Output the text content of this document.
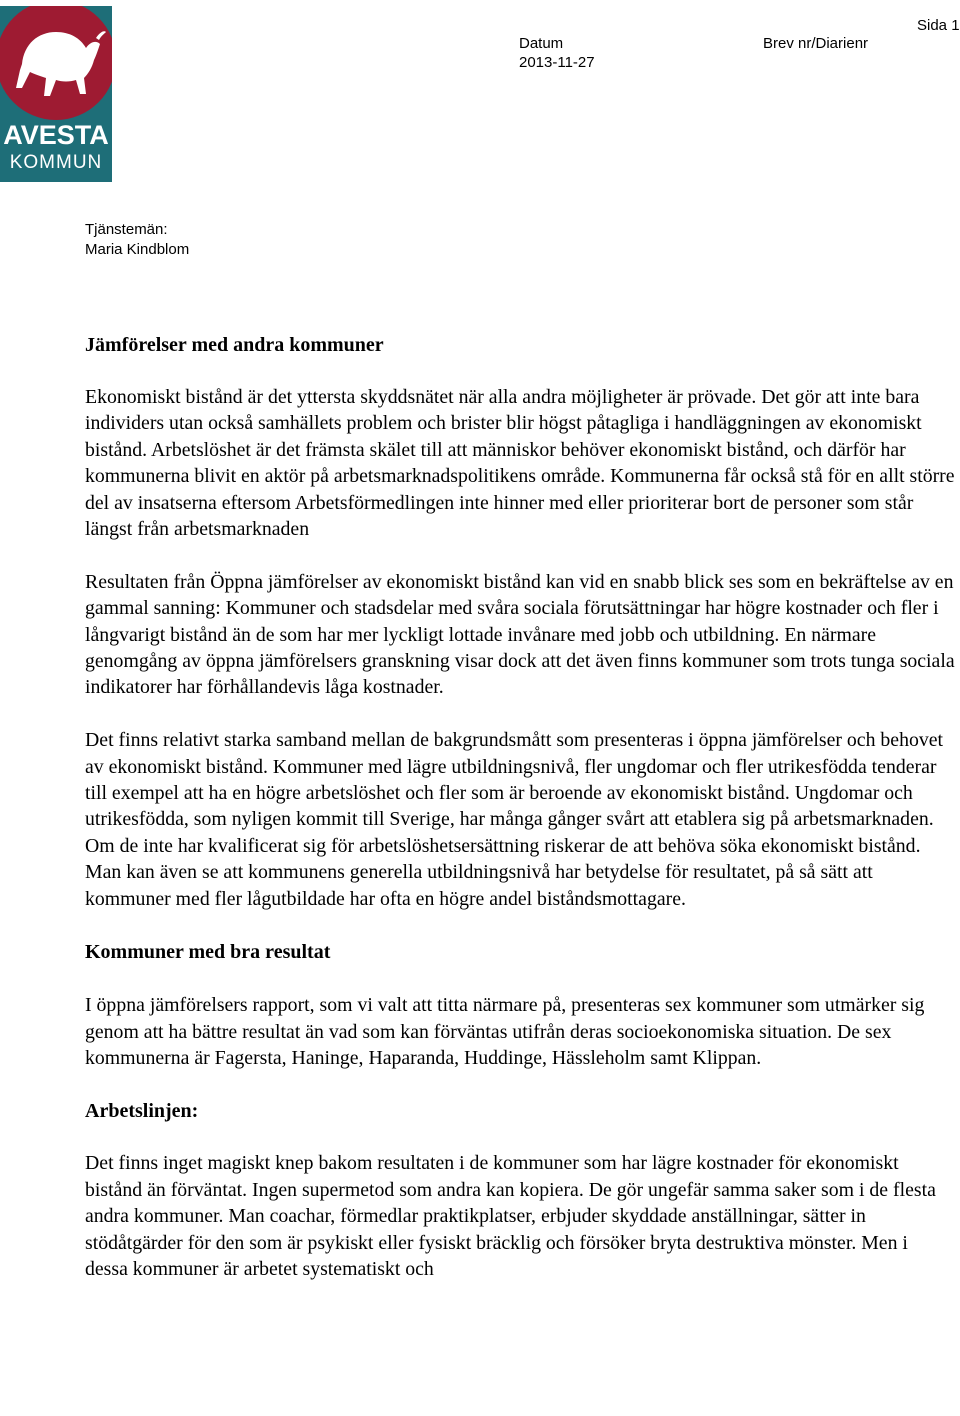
AVESTA
KOMMUN
Sida 1
Datum
2013-11-27
Brev nr/Diarienr
Tjänstemän:
Maria Kindblom
Jämförelser med andra kommuner

Ekonomiskt bistånd är det yttersta skyddsnätet när alla andra möjligheter är prövade. Det gör att inte bara individers utan också samhällets problem och brister blir högst påtagliga i handläggningen av ekonomiskt bistånd. Arbetslöshet är det främsta skälet till att människor behöver ekonomiskt bistånd, och därför har kommunerna blivit en aktör på arbetsmarknadspolitikens område. Kommunerna får också stå för en allt större del av insatserna eftersom Arbetsförmedlingen inte hinner med eller prioriterar bort de personer som står längst från arbetsmarknaden

Resultaten från Öppna jämförelser av ekonomiskt bistånd kan vid en snabb blick ses som en bekräftelse av en gammal sanning: Kommuner och stadsdelar med svåra sociala förutsättningar har högre kostnader och fler i långvarigt bistånd än de som har mer lyckligt lottade invånare med jobb och utbildning. En närmare genomgång av öppna jämförelsers granskning visar dock att det även finns kommuner som trots tunga sociala indikatorer har förhållandevis låga kostnader.

Det finns relativt starka samband mellan de bakgrundsmått som presenteras i öppna jämförelser och behovet av ekonomiskt bistånd. Kommuner med lägre utbildningsnivå, fler ungdomar och fler utrikesfödda tenderar till exempel att ha en högre arbetslöshet och fler som är beroende av ekonomiskt bistånd. Ungdomar och utrikesfödda, som nyligen kommit till Sverige, har många gånger svårt att etablera sig på arbetsmarknaden. Om de inte har kvalificerat sig för arbetslöshetsersättning riskerar de att behöva söka ekonomiskt bistånd. Man kan även se att kommunens generella utbildningsnivå har betydelse för resultatet, på så sätt att kommuner med fler lågutbildade har ofta en högre andel biståndsmottagare.

Kommuner med bra resultat

I öppna jämförelsers rapport, som vi valt att titta närmare på, presenteras sex kommuner som utmärker sig genom att ha bättre resultat än vad som kan förväntas utifrån deras socioekonomiska situation. De sex kommunerna är Fagersta, Haninge, Haparanda, Huddinge, Hässleholm samt Klippan.

Arbetslinjen:

Det finns inget magiskt knep bakom resultaten i de kommuner som har lägre kostnader för ekonomiskt bistånd än förväntat. Ingen supermetod som andra kan kopiera. De gör ungefär samma saker som i de flesta andra kommuner. Man coachar, förmedlar praktikplatser, erbjuder skyddade anställningar, sätter in stödåtgärder för den som är psykiskt eller fysiskt bräcklig och försöker bryta destruktiva mönster. Men i dessa kommuner är arbetet systematiskt och
